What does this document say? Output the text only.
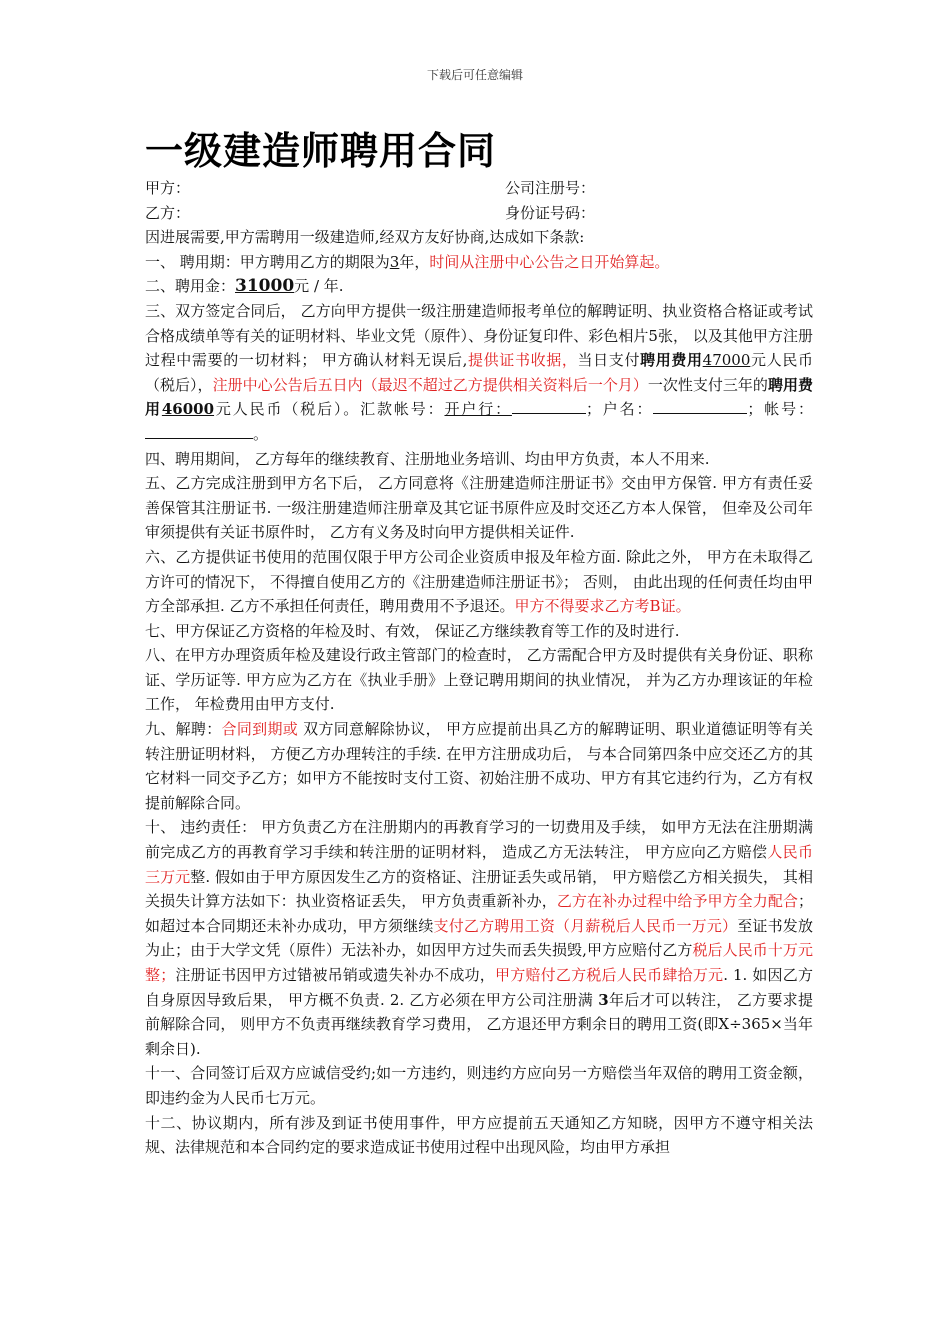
下载后可任意编辑
一级建造师聘用合同
甲方：	公司注册号：
乙方：	身份证号码：

因进展需要,甲方需聘用一级建造师,经双方友好协商,达成如下条款:

一、 聘用期：甲方聘用乙方的期限为3年，时间从注册中心公告之日开始算起。

二、聘用金：31000元 / 年.

三、双方签定合同后， 乙方向甲方提供一级注册建造师报考单位的解聘证明、执业资格合格证或考试合格成绩单等有关的证明材料、毕业文凭（原件）、身份证复印件、彩色相片5张， 以及其他甲方注册过程中需要的一切材料； 甲方确认材料无误后,提供证书收据，当日支付聘用费用47000元人民币（税后），注册中心公告后五日内（最迟不超过乙方提供相关资料后一个月）一次性支付三年的聘用费用46000元人民币（税后）。汇款帐号：开户行：	；户名：	；帐号：。

四、聘用期间， 乙方每年的继续教育、注册地业务培训、均由甲方负责，本人不用来.

五、乙方完成注册到甲方名下后， 乙方同意将《注册建造师注册证书》交由甲方保管. 甲方有责任妥善保管其注册证书. 一级注册建造师注册章及其它证书原件应及时交还乙方本人保管， 但牵及公司年审须提供有关证书原件时， 乙方有义务及时向甲方提供相关证件.

六、乙方提供证书使用的范围仅限于甲方公司企业资质申报及年检方面. 除此之外， 甲方在未取得乙方许可的情况下， 不得擅自使用乙方的《注册建造师注册证书》； 否则， 由此出现的任何责任均由甲方全部承担. 乙方不承担任何责任，聘用费用不予退还。甲方不得要求乙方考B证。

七、甲方保证乙方资格的年检及时、有效， 保证乙方继续教育等工作的及时进行.

八、在甲方办理资质年检及建设行政主管部门的检查时， 乙方需配合甲方及时提供有关身份证、职称证、学历证等. 甲方应为乙方在《执业手册》上登记聘用期间的执业情况， 并为乙方办理该证的年检工作， 年检费用由甲方支付.

九、解聘：合同到期或 双方同意解除协议， 甲方应提前出具乙方的解聘证明、职业道德证明等有关转注册证明材料， 方便乙方办理转注的手续. 在甲方注册成功后， 与本合同第四条中应交还乙方的其它材料一同交予乙方；如甲方不能按时支付工资、初始注册不成功、甲方有其它违约行为，乙方有权提前解除合同。

十、 违约责任： 甲方负责乙方在注册期内的再教育学习的一切费用及手续， 如甲方无法在注册期满前完成乙方的再教育学习手续和转注册的证明材料， 造成乙方无法转注， 甲方应向乙方赔偿人民币三万元整. 假如由于甲方原因发生乙方的资格证、注册证丢失或吊销， 甲方赔偿乙方相关损失， 其相关损失计算方法如下：执业资格证丢失， 甲方负责重新补办，乙方在补办过程中给予甲方全力配合；如超过本合同期还未补办成功，甲方须继续支付乙方聘用工资（月薪税后人民币一万元）至证书发放为止；由于大学文凭（原件）无法补办，如因甲方过失而丢失损毁,甲方应赔付乙方税后人民币十万元整；注册证书因甲方过错被吊销或遗失补办不成功，甲方赔付乙方税后人民币肆拾万元. 1. 如因乙方自身原因导致后果， 甲方概不负责. 2. 乙方必须在甲方公司注册满 3年后才可以转注， 乙方要求提前解除合同， 则甲方不负责再继续教育学习费用， 乙方退还甲方剩余日的聘用工资(即X÷365×当年剩余日).

十一、合同签订后双方应诚信受约;如一方违约，则违约方应向另一方赔偿当年双倍的聘用工资金额，即违约金为人民币七万元。

十二、协议期内，所有涉及到证书使用事件，甲方应提前五天通知乙方知晓，因甲方不遵守相关法规、法律规范和本合同约定的要求造成证书使用过程中出现风险，均由甲方承担
